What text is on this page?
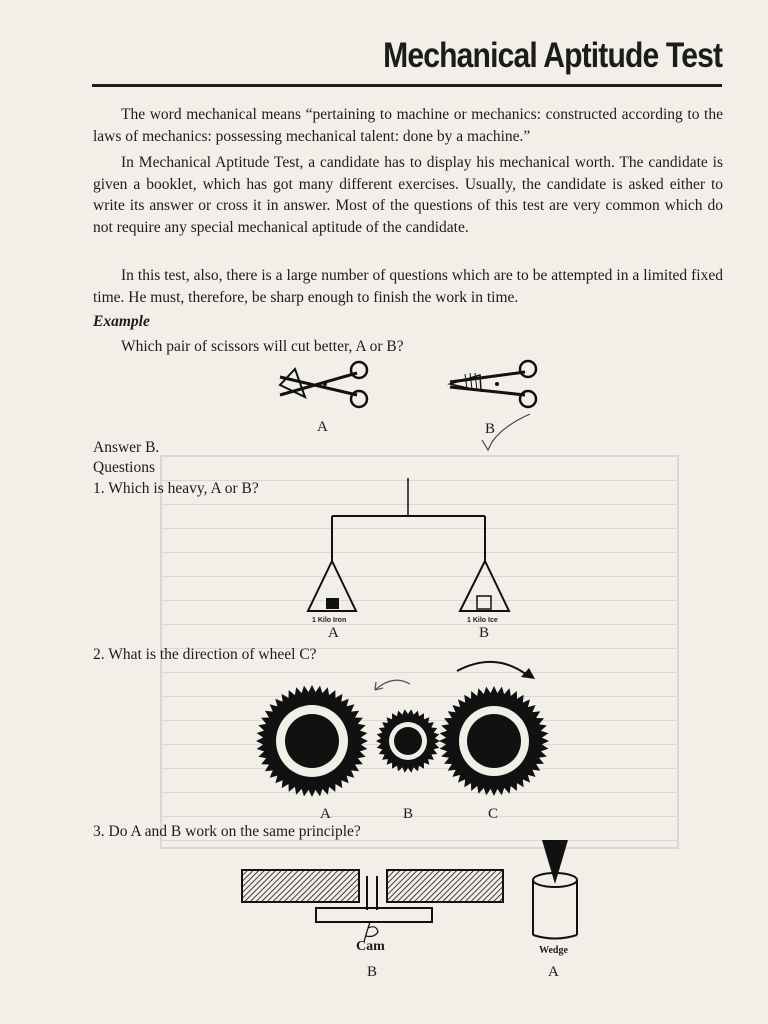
Mechanical Aptitude Test

The word mechanical means “pertaining to machine or mechanics: constructed according to the laws of mechanics: possessing mechanical talent: done by a machine.”

In Mechanical Aptitude Test, a candidate has to display his mechanical worth. The candidate is given a booklet, which has got many different exercises. Usually, the candidate is asked either to write its answer or cross it in answer. Most of the questions of this test are very common which do not require any special mechanical aptitude of the candidate.

In this test, also, there is a large number of questions which are to be attempted in a limited fixed time. He must, therefore, be sharp enough to finish the work in time.

Example

Which pair of scissors will cut better, A or B?

A	B

Answer B.

Questions

1. Which is heavy, A or B?

1 Kilo Iron	1 Kilo Ice
A	B

2. What is the direction of wheel C?

A	B	C

3. Do A and B work on the same principle?

Cam
B
Wedge
A
